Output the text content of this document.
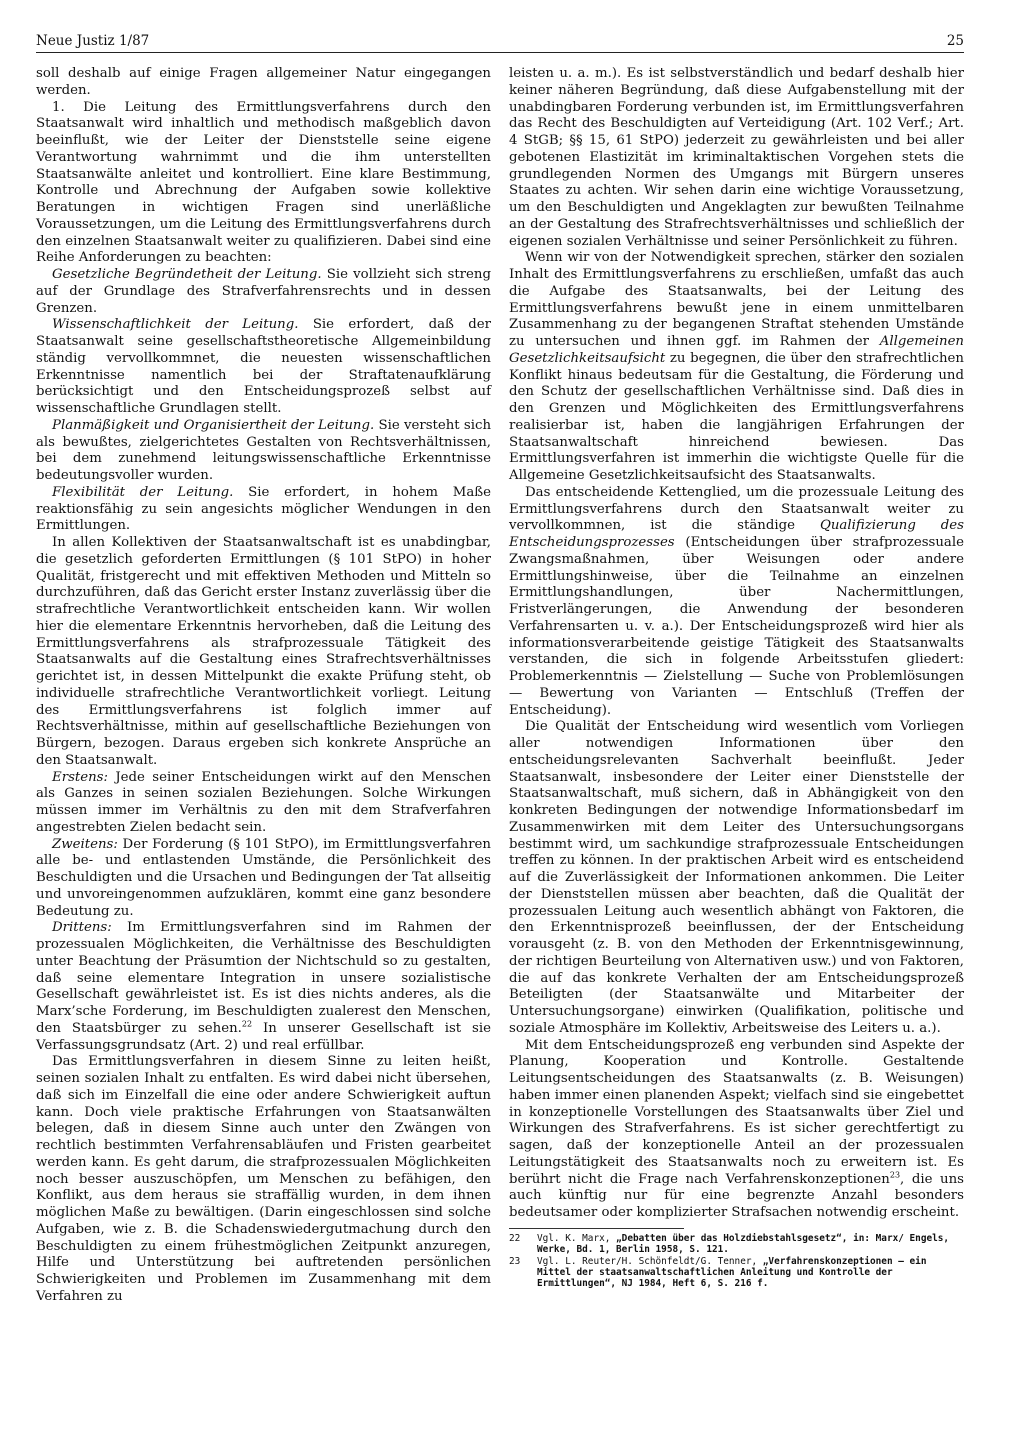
Neue Justiz 1/87	25

soll deshalb auf einige Fragen allgemeiner Natur eingegangen werden.

1. Die Leitung des Ermittlungsverfahrens durch den Staatsanwalt wird inhaltlich und methodisch maßgeblich davon beeinflußt, wie der Leiter der Dienststelle seine eigene Verantwortung wahrnimmt und die ihm unterstellten Staatsanwälte anleitet und kontrolliert. Eine klare Bestimmung, Kontrolle und Abrechnung der Aufgaben sowie kollektive Beratungen in wichtigen Fragen sind unerläßliche Voraussetzungen, um die Leitung des Ermittlungsverfahrens durch den einzelnen Staatsanwalt weiter zu qualifizieren. Dabei sind eine Reihe Anforderungen zu beachten:

Gesetzliche Begründetheit der Leitung. Sie vollzieht sich streng auf der Grundlage des Strafverfahrensrechts und in dessen Grenzen.

Wissenschaftlichkeit der Leitung. Sie erfordert, daß der Staatsanwalt seine gesellschaftstheoretische Allgemeinbildung ständig vervollkommnet, die neuesten wissenschaftlichen Erkenntnisse namentlich bei der Straftatenaufklärung berücksichtigt und den Entscheidungsprozeß selbst auf wissenschaftliche Grundlagen stellt.

Planmäßigkeit und Organisiertheit der Leitung. Sie versteht sich als bewußtes, zielgerichtetes Gestalten von Rechtsverhältnissen, bei dem zunehmend leitungswissenschaftliche Erkenntnisse bedeutungsvoller wurden.

Flexibilität der Leitung. Sie erfordert, in hohem Maße reaktionsfähig zu sein angesichts möglicher Wendungen in den Ermittlungen.

In allen Kollektiven der Staatsanwaltschaft ist es unabdingbar, die gesetzlich geforderten Ermittlungen (§ 101 StPO) in hoher Qualität, fristgerecht und mit effektiven Methoden und Mitteln so durchzuführen, daß das Gericht erster Instanz zuverlässig über die strafrechtliche Verantwortlichkeit entscheiden kann. Wir wollen hier die elementare Erkenntnis hervorheben, daß die Leitung des Ermittlungsverfahrens als strafprozessuale Tätigkeit des Staatsanwalts auf die Gestaltung eines Strafrechtsverhältnisses gerichtet ist, in dessen Mittelpunkt die exakte Prüfung steht, ob individuelle strafrechtliche Verantwortlichkeit vorliegt. Leitung des Ermittlungsverfahrens ist folglich immer auf Rechtsverhältnisse, mithin auf gesellschaftliche Beziehungen von Bürgern, bezogen. Daraus ergeben sich konkrete Ansprüche an den Staatsanwalt.

Erstens: Jede seiner Entscheidungen wirkt auf den Menschen als Ganzes in seinen sozialen Beziehungen. Solche Wirkungen müssen immer im Verhältnis zu den mit dem Strafverfahren angestrebten Zielen bedacht sein.

Zweitens: Der Forderung (§ 101 StPO), im Ermittlungsverfahren alle be- und entlastenden Umstände, die Persönlichkeit des Beschuldigten und die Ursachen und Bedingungen der Tat allseitig und unvoreingenommen aufzuklären, kommt eine ganz besondere Bedeutung zu.

Drittens: Im Ermittlungsverfahren sind im Rahmen der prozessualen Möglichkeiten, die Verhältnisse des Beschuldigten unter Beachtung der Präsumtion der Nichtschuld so zu gestalten, daß seine elementare Integration in unsere sozialistische Gesellschaft gewährleistet ist. Es ist dies nichts anderes, als die Marx’sche Forderung, im Beschuldigten zualerest den Menschen, den Staatsbürger zu sehen.$^{22}$ In unserer Gesellschaft ist sie Verfassungsgrundsatz (Art. 2) und real erfüllbar.

Das Ermittlungsverfahren in diesem Sinne zu leiten heißt, seinen sozialen Inhalt zu entfalten. Es wird dabei nicht übersehen, daß sich im Einzelfall die eine oder andere Schwierigkeit auftun kann. Doch viele praktische Erfahrungen von Staatsanwälten belegen, daß in diesem Sinne auch unter den Zwängen von rechtlich bestimmten Verfahrensabläufen und Fristen gearbeitet werden kann. Es geht darum, die strafprozessualen Möglichkeiten noch besser auszuschöpfen, um Menschen zu befähigen, den Konflikt, aus dem heraus sie straffällig wurden, in dem ihnen möglichen Maße zu bewältigen. (Darin eingeschlossen sind solche Aufgaben, wie z. B. die Schadenswiedergutmachung durch den Beschuldigten zu einem frühestmöglichen Zeitpunkt anzuregen, Hilfe und Unterstützung bei auftretenden persönlichen Schwierigkeiten und Problemen im Zusammenhang mit dem Verfahren zu

leisten u. a. m.). Es ist selbstverständlich und bedarf deshalb hier keiner näheren Begründung, daß diese Aufgabenstellung mit der unabdingbaren Forderung verbunden ist, im Ermittlungsverfahren das Recht des Beschuldigten auf Verteidigung (Art. 102 Verf.; Art. 4 StGB; §§ 15, 61 StPO) jederzeit zu gewährleisten und bei aller gebotenen Elastizität im kriminaltaktischen Vorgehen stets die grundlegenden Normen des Umgangs mit Bürgern unseres Staates zu achten. Wir sehen darin eine wichtige Voraussetzung, um den Beschuldigten und Angeklagten zur bewußten Teilnahme an der Gestaltung des Strafrechtsverhältnisses und schließlich der eigenen sozialen Verhältnisse und seiner Persönlichkeit zu führen.

Wenn wir von der Notwendigkeit sprechen, stärker den sozialen Inhalt des Ermittlungsverfahrens zu erschließen, umfaßt das auch die Aufgabe des Staatsanwalts, bei der Leitung des Ermittlungsverfahrens bewußt jene in einem unmittelbaren Zusammenhang zu der begangenen Straftat stehenden Umstände zu untersuchen und ihnen ggf. im Rahmen der Allgemeinen Gesetzlichkeitsaufsicht zu begegnen, die über den strafrechtlichen Konflikt hinaus bedeutsam für die Gestaltung, die Förderung und den Schutz der gesellschaftlichen Verhältnisse sind. Daß dies in den Grenzen und Möglichkeiten des Ermittlungsverfahrens realisierbar ist, haben die langjährigen Erfahrungen der Staatsanwaltschaft hinreichend bewiesen. Das Ermittlungsverfahren ist immerhin die wichtigste Quelle für die Allgemeine Gesetzlichkeitsaufsicht des Staatsanwalts.

Das entscheidende Kettenglied, um die prozessuale Leitung des Ermittlungsverfahrens durch den Staatsanwalt weiter zu vervollkommnen, ist die ständige Qualifizierung des Entscheidungsprozesses (Entscheidungen über strafprozessuale Zwangsmaßnahmen, über Weisungen oder andere Ermittlungshinweise, über die Teilnahme an einzelnen Ermittlungshandlungen, über Nachermittlungen, Fristverlängerungen, die Anwendung der besonderen Verfahrensarten u. v. a.). Der Entscheidungsprozeß wird hier als informationsverarbeitende geistige Tätigkeit des Staatsanwalts verstanden, die sich in folgende Arbeitsstufen gliedert: Problemerkenntnis — Zielstellung — Suche von Problemlösungen — Bewertung von Varianten — Entschluß (Treffen der Entscheidung).

Die Qualität der Entscheidung wird wesentlich vom Vorliegen aller notwendigen Informationen über den entscheidungsrelevanten Sachverhalt beeinflußt. Jeder Staatsanwalt, insbesondere der Leiter einer Dienststelle der Staatsanwaltschaft, muß sichern, daß in Abhängigkeit von den konkreten Bedingungen der notwendige Informationsbedarf im Zusammenwirken mit dem Leiter des Untersuchungsorgans bestimmt wird, um sachkundige strafprozessuale Entscheidungen treffen zu können. In der praktischen Arbeit wird es entscheidend auf die Zuverlässigkeit der Informationen ankommen. Die Leiter der Dienststellen müssen aber beachten, daß die Qualität der prozessualen Leitung auch wesentlich abhängt von Faktoren, die den Erkenntnisprozeß beeinflussen, der der Entscheidung vorausgeht (z. B. von den Methoden der Erkenntnisgewinnung, der richtigen Beurteilung von Alternativen usw.) und von Faktoren, die auf das konkrete Verhalten der am Entscheidungsprozeß Beteiligten (der Staatsanwälte und Mitarbeiter der Untersuchungsorgane) einwirken (Qualifikation, politische und soziale Atmosphäre im Kollektiv, Arbeitsweise des Leiters u. a.).

Mit dem Entscheidungsprozeß eng verbunden sind Aspekte der Planung, Kooperation und Kontrolle. Gestaltende Leitungsentscheidungen des Staatsanwalts (z. B. Weisungen) haben immer einen planenden Aspekt; vielfach sind sie eingebettet in konzeptionelle Vorstellungen des Staatsanwalts über Ziel und Wirkungen des Strafverfahrens. Es ist sicher gerechtfertigt zu sagen, daß der konzeptionelle Anteil an der prozessualen Leitungstätigkeit des Staatsanwalts noch zu erweitern ist. Es berührt nicht die Frage nach Verfahrenskonzeptionen$^{23}$, die uns auch künftig nur für eine begrenzte Anzahl besonders bedeutsamer oder komplizierter Strafsachen notwendig erscheint.

22	Vgl. K. Marx, „Debatten über das Holzdiebstahlsgesetz“, in: Marx/ Engels, Werke, Bd. 1, Berlin 1958, S. 121.
23	Vgl. L. Reuter/H. Schönfeldt/G. Tenner, „Verfahrenskonzeptionen – ein Mittel der staatsanwaltschaftlichen Anleitung und Kontrolle der Ermittlungen“, NJ 1984, Heft 6, S. 216 f.
